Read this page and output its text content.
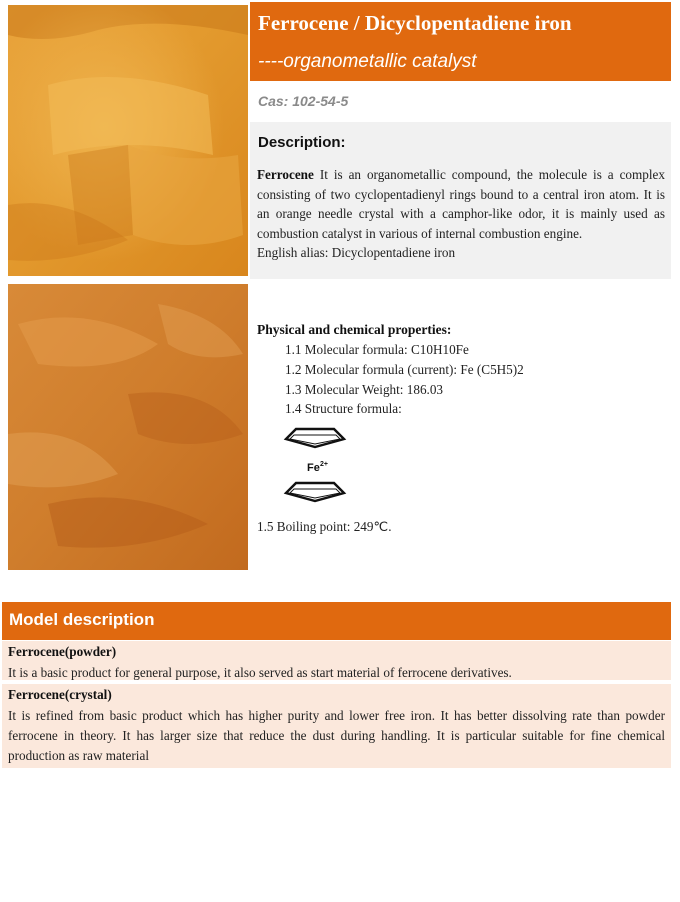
Ferrocene / Dicyclopentadiene iron
----organometallic catalyst
Cas: 102-54-5
Description:
Ferrocene It is an organometallic compound, the molecule is a complex consisting of two cyclopentadienyl rings bound to a central iron atom. It is an orange needle crystal with a camphor-like odor, it is mainly used as combustion catalyst in various of internal combustion engine.
English alias: Dicyclopentadiene iron
Physical and chemical properties:
1.1 Molecular formula: C10H10Fe
1.2 Molecular formula (current): Fe (C5H5)2
1.3 Molecular Weight: 186.03
1.4 Structure formula:
Fe 2+
1.5 Boiling point: 249℃.
Model description
Ferrocene(powder)
It is a basic product for general purpose, it also served as start material of ferrocene derivatives.
Ferrocene(crystal)
It is refined from basic product which has higher purity and lower free iron. It has better dissolving rate than powder ferrocene in theory. It has larger size that reduce the dust during handling. It is particular suitable for fine chemical production as raw material
